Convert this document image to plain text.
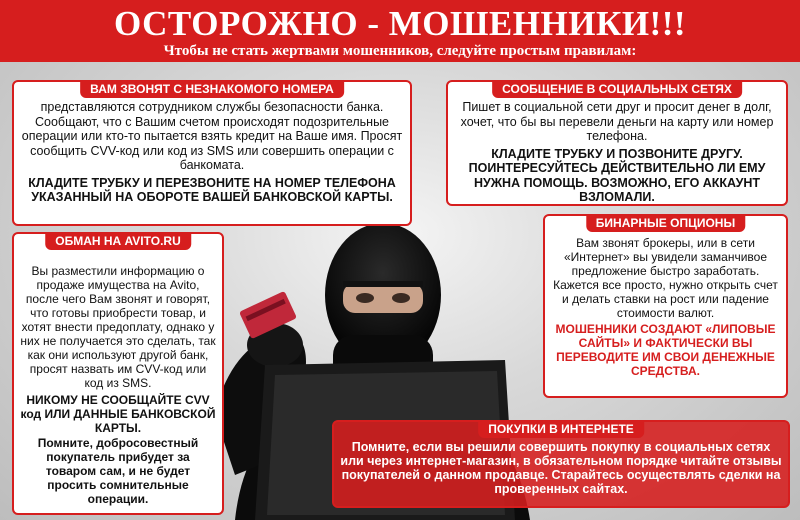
ОСТОРОЖНО - МОШЕННИКИ!!!
Чтобы не стать жертвами мошенников, следуйте простым правилам:
ВАМ ЗВОНЯТ С НЕЗНАКОМОГО НОМЕРА

представляются сотрудником службы безопасности банка. Сообщают, что с Вашим счетом происходят подозрительные операции или кто-то пытается взять кредит на Ваше имя. Просят сообщить CVV-код или код из SMS или совершить операции с банкомата.

КЛАДИТЕ ТРУБКУ И ПЕРЕЗВОНИТЕ НА НОМЕР ТЕЛЕФОНА УКАЗАННЫЙ НА ОБОРОТЕ ВАШЕЙ БАНКОВСКОЙ КАРТЫ.
СООБЩЕНИЕ В СОЦИАЛЬНЫХ СЕТЯХ

Пишет в социальной сети друг и просит денег в долг, хочет, что бы вы перевели деньги на карту или номер телефона.

КЛАДИТЕ ТРУБКУ И ПОЗВОНИТЕ ДРУГУ. ПОИНТЕРЕСУЙТЕСЬ ДЕЙСТВИТЕЛЬНО ЛИ ЕМУ НУЖНА ПОМОЩЬ. ВОЗМОЖНО, ЕГО АККАУНТ ВЗЛОМАЛИ.
ОБМАН НА AVITO.RU

Вы разместили информацию о продаже имущества на Avito, после чего Вам звонят и говорят, что готовы приобрести товар, и хотят внести предоплату, однако у них не получается это сделать, так как они используют другой банк, просят назвать им CVV-код или код из SMS.

НИКОМУ НЕ СООБЩАЙТЕ CVV код ИЛИ ДАННЫЕ БАНКОВСКОЙ КАРТЫ.
Помните, добросовестный покупатель прибудет за товаром сам, и не будет просить сомнительные операции.
БИНАРНЫЕ ОПЦИОНЫ

Вам звонят брокеры, или в сети «Интернет» вы увидели заманчивое предложение быстро заработать. Кажется все просто, нужно открыть счет и делать ставки на рост или падение стоимости валют.

МОШЕННИКИ СОЗДАЮТ «ЛИПОВЫЕ САЙТЫ» И ФАКТИЧЕСКИ ВЫ ПЕРЕВОДИТЕ ИМ СВОИ ДЕНЕЖНЫЕ СРЕДСТВА.
ПОКУПКИ В ИНТЕРНЕТЕ

Помните, если вы решили совершить покупку в социальных сетях или через интернет-магазин, в обязательном порядке читайте отзывы покупателей о данном продавце. Старайтесь осуществлять сделки на проверенных сайтах.
